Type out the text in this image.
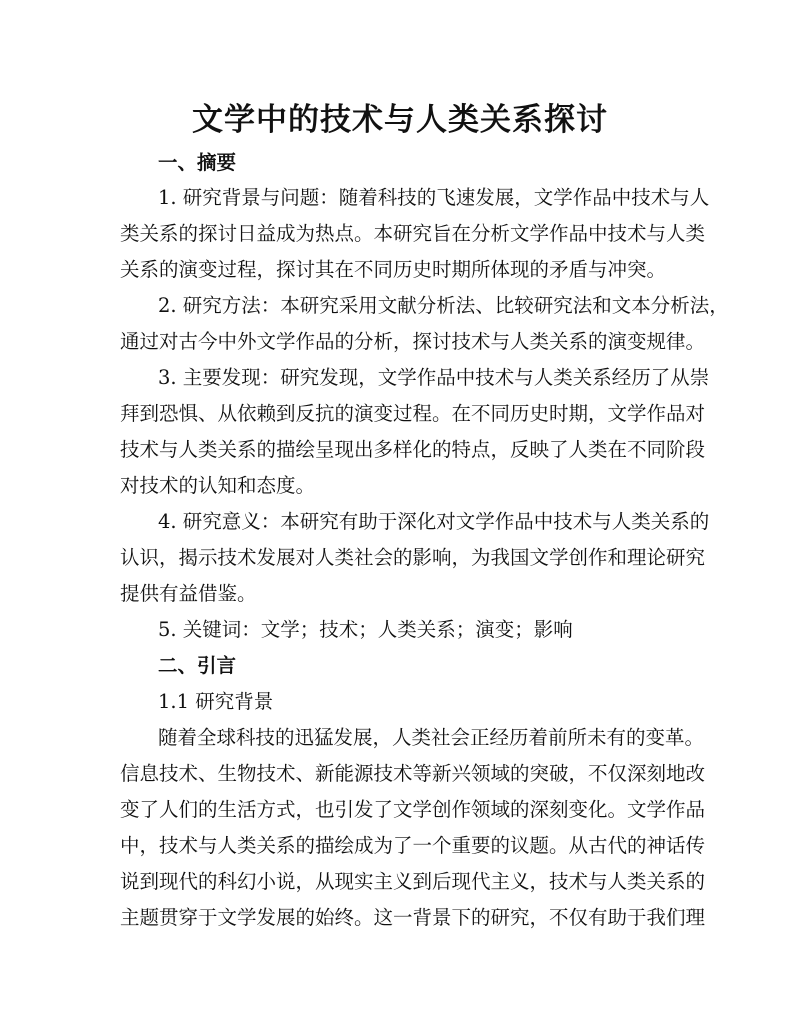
文学中的技术与人类关系探讨
一、摘要
1. 研究背景与问题：随着科技的飞速发展，文学作品中技术与人
类关系的探讨日益成为热点。本研究旨在分析文学作品中技术与人类
关系的演变过程，探讨其在不同历史时期所体现的矛盾与冲突。
2. 研究方法：本研究采用文献分析法、比较研究法和文本分析法，
通过对古今中外文学作品的分析，探讨技术与人类关系的演变规律。
3. 主要发现：研究发现，文学作品中技术与人类关系经历了从崇
拜到恐惧、从依赖到反抗的演变过程。在不同历史时期，文学作品对
技术与人类关系的描绘呈现出多样化的特点，反映了人类在不同阶段
对技术的认知和态度。
4. 研究意义：本研究有助于深化对文学作品中技术与人类关系的
认识，揭示技术发展对人类社会的影响，为我国文学创作和理论研究
提供有益借鉴。
5. 关键词：文学；技术；人类关系；演变；影响
二、引言
1.1 研究背景
随着全球科技的迅猛发展，人类社会正经历着前所未有的变革。
信息技术、生物技术、新能源技术等新兴领域的突破，不仅深刻地改
变了人们的生活方式，也引发了文学创作领域的深刻变化。文学作品
中，技术与人类关系的描绘成为了一个重要的议题。从古代的神话传
说到现代的科幻小说，从现实主义到后现代主义，技术与人类关系的
主题贯穿于文学发展的始终。这一背景下的研究，不仅有助于我们理
